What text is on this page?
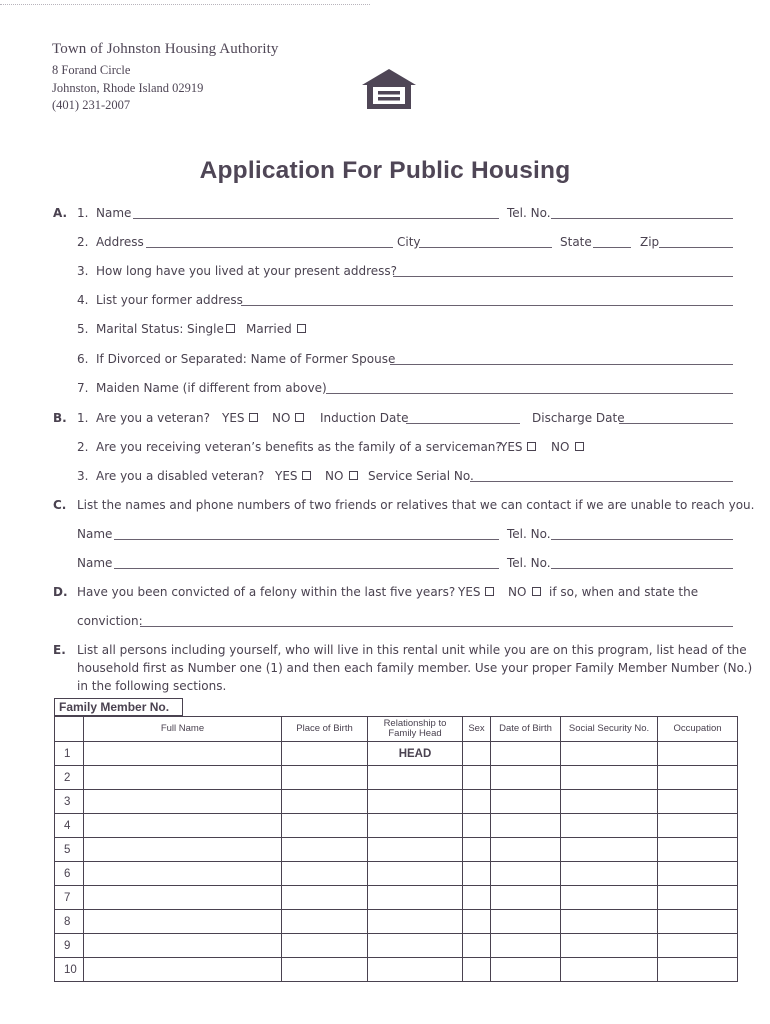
Town of Johnston Housing Authority
8 Forand Circle
Johnston, Rhode Island 02919
(401) 231-2007
Application For Public Housing
A. 1. Name	Tel. No.
2. Address	City	State	Zip
3. How long have you lived at your present address?
4. List your former address
5. Marital Status: Single Married
6. If Divorced or Separated: Name of Former Spouse
7. Maiden Name (if different from above)
B. 1. Are you a veteran? YES NO Induction Date	Discharge Date
2. Are you receiving veteran’s benefits as the family of a serviceman?
YES NO
3. Are you a disabled veteran? YES NO Service Serial No.
C. List the names and phone numbers of two friends or relatives that we can contact if we are unable to reach you.
Name	Tel. No.
Name	Tel. No.
D. Have you been convicted of a felony within the last five years? YES NO if so, when and state the
conviction:
E. List all persons including yourself, who will live in this rental unit while you are on this program, list head of the
household first as Number one (1) and then each family member. Use your proper Family Member Number (No.)
in the following sections.
Family Member No.
	Full Name	Place of Birth	Relationship to
Family Head	Sex	Date of Birth	Social Security No.	Occupation
1			HEAD				
2							
3							
4							
5							
6							
7							
8							
9							
10							
